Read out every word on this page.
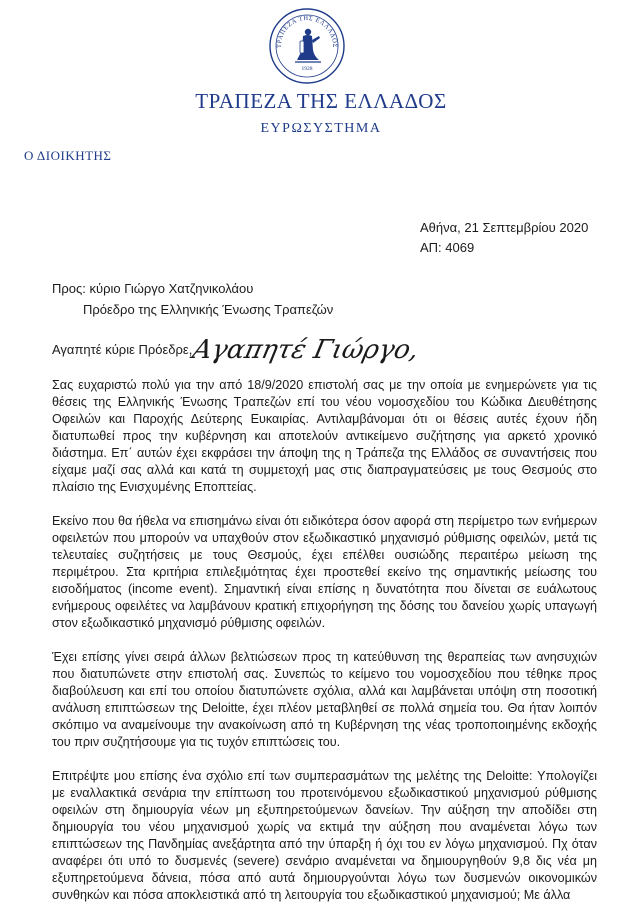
ΤΡΑΠΕΖΑ ΤΗΣ ΕΛΛΑΔΟΣ
1928
ΤΡΑΠΕΖΑ ΤΗΣ ΕΛΛΑΔΟΣ
ΕΥΡΩΣΥΣΤΗΜΑ
Ο ΔΙΟΙΚΗΤΗΣ
Αθήνα, 21 Σεπτεμβρίου 2020
ΑΠ: 4069
Προς: κύριο Γιώργο Χατζηνικολάου
Πρόεδρο της Ελληνικής Ένωσης Τραπεζών
Αγαπητέ κύριε Πρόεδρε,
Αγαπητέ Γιώργο,

Σας ευχαριστώ πολύ για την από 18/9/2020 επιστολή σας με την οποία με ενημερώνετε για τις θέσεις της Ελληνικής Ένωσης Τραπεζών επί του νέου νομοσχεδίου του Κώδικα Διευθέτησης Οφειλών και Παροχής Δεύτερης Ευκαιρίας. Αντιλαμβάνομαι ότι οι θέσεις αυτές έχουν ήδη διατυπωθεί προς την κυβέρνηση και αποτελούν αντικείμενο συζήτησης για αρκετό χρονικό διάστημα. Επ΄ αυτών έχει εκφράσει την άποψη της η Τράπεζα της Ελλάδος σε συναντήσεις που είχαμε μαζί σας αλλά και κατά τη συμμετοχή μας στις διαπραγματεύσεις με τους Θεσμούς στο πλαίσιο της Ενισχυμένης Εποπτείας.

Εκείνο που θα ήθελα να επισημάνω είναι ότι ειδικότερα όσον αφορά στη περίμετρο των ενήμερων οφειλετών που μπορούν να υπαχθούν στον εξωδικαστικό μηχανισμό ρύθμισης οφειλών, μετά τις τελευταίες συζητήσεις με τους Θεσμούς, έχει επέλθει ουσιώδης περαιτέρω μείωση της περιμέτρου. Στα κριτήρια επιλεξιμότητας έχει προστεθεί εκείνο της σημαντικής μείωσης του εισοδήματος (income event). Σημαντική είναι επίσης η δυνατότητα που δίνεται σε ευάλωτους ενήμερους οφειλέτες να λαμβάνουν κρατική επιχορήγηση της δόσης του δανείου χωρίς υπαγωγή στον εξωδικαστικό μηχανισμό ρύθμισης οφειλών.

Έχει επίσης γίνει σειρά άλλων βελτιώσεων προς τη κατεύθυνση της θεραπείας των ανησυχιών που διατυπώνετε στην επιστολή σας. Συνεπώς το κείμενο του νομοσχεδίου που τέθηκε προς διαβούλευση και επί του οποίου διατυπώνετε σχόλια, αλλά και λαμβάνεται υπόψη στη ποσοτική ανάλυση επιπτώσεων της Deloitte, έχει πλέον μεταβληθεί σε πολλά σημεία του. Θα ήταν λοιπόν σκόπιμο να αναμείνουμε την ανακοίνωση από τη Κυβέρνηση της νέας τροποποιημένης εκδοχής του πριν συζητήσουμε για τις τυχόν επιπτώσεις του.

Επιτρέψτε μου επίσης ένα σχόλιο επί των συμπερασμάτων της μελέτης της Deloitte: Υπολογίζει με εναλλακτικά σενάρια την επίπτωση του προτεινόμενου εξωδικαστικού μηχανισμού ρύθμισης οφειλών στη δημιουργία νέων μη εξυπηρετούμενων δανείων. Την αύξηση την αποδίδει στη δημιουργία του νέου μηχανισμού χωρίς να εκτιμά την αύξηση που αναμένεται λόγω των επιπτώσεων της Πανδημίας ανεξάρτητα από την ύπαρξη ή όχι του εν λόγω μηχανισμού. Πχ όταν αναφέρει ότι υπό το δυσμενές (severe) σενάριο αναμένεται να δημιουργηθούν 9,8 δις νέα μη εξυπηρετούμενα δάνεια, πόσα από αυτά δημιουργούνται λόγω των δυσμενών οικονομικών συνθηκών και πόσα αποκλειστικά από τη λειτουργία του εξωδικαστικού μηχανισμού; Με άλλα
